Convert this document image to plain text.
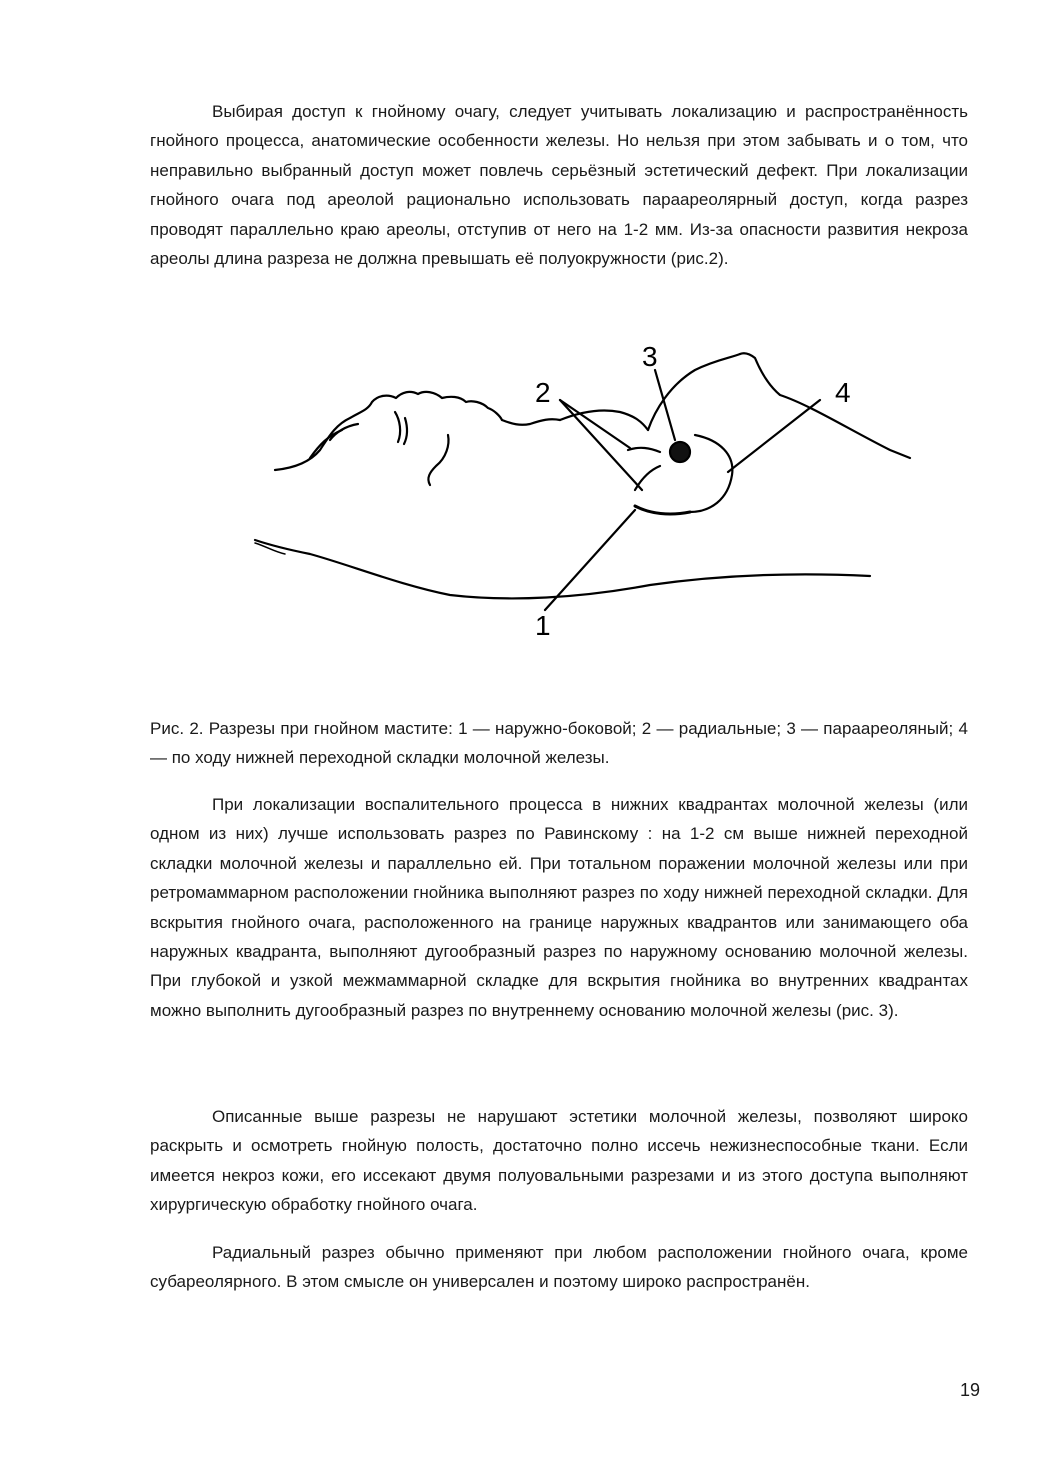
Выбирая доступ к гнойному очагу, следует учитывать локализацию и распространённость гнойного процесса, анатомические особенности железы. Но нельзя при этом забывать и о том, что неправильно выбранный доступ может повлечь серьёзный эстетический дефект. При локализации гнойного очага под ареолой рационально использовать парaареолярный доступ, когда разрез проводят параллельно краю ареолы, отступив от него на 1-2 мм. Из-за опасности развития некроза ареолы длина разреза не должна превышать её полуокружности (рис.2).

2
3
4
1

Рис. 2. Разрезы при гнойном мастите: 1 — наружно-боковой; 2 — радиальные; 3 — парaареоляный; 4 — по ходу нижней переходной складки молочной железы.

При локализации воспалительного процесса в нижних квадрантах молочной железы (или одном из них) лучше использовать разрез по Равинскому : на 1-2 см выше нижней переходной складки молочной железы и параллельно ей. При тотальном поражении молочной железы или при ретромаммарном расположении гнойника выполняют разрез по ходу нижней переходной складки. Для вскрытия гнойного очага, расположенного на границе наружных квадрантов или занимающего оба наружных квадранта, выполняют дугообразный разрез по наружному основанию молочной железы. При глубокой и узкой межмаммарной складке для вскрытия гнойника во внутренних квадрантах можно выполнить дугообразный разрез по внутреннему основанию молочной железы (рис. 3).

Описанные выше разрезы не нарушают эстетики молочной железы, позволяют широко раскрыть и осмотреть гнойную полость, достаточно полно иссечь нежизнеспособные ткани. Если имеется некроз кожи, его иссекают двумя полуовальными разрезами и из этого доступа выполняют хирургическую обработку гнойного очага.

Радиальный разрез обычно применяют при любом расположении гнойного очага, кроме субареолярного. В этом смысле он универсален и поэтому широко распространён.

19
